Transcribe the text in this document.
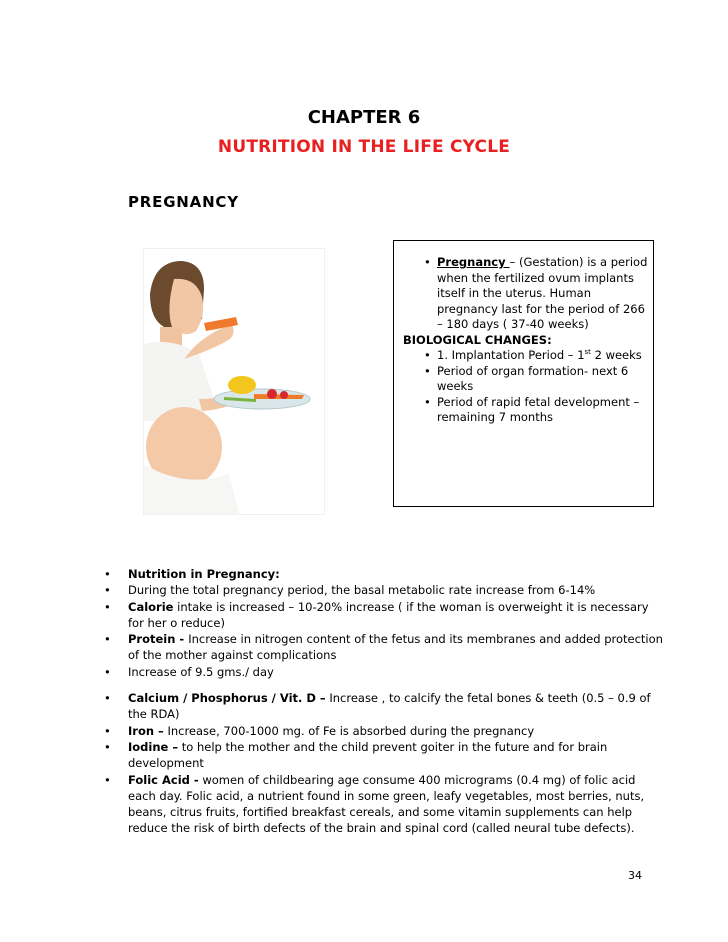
CHAPTER 6
NUTRITION IN THE LIFE CYCLE
PREGNANCY
• Pregnancy – (Gestation) is a period when the fertilized ovum implants itself in the uterus. Human pregnancy last for the period of 266 – 180 days ( 37-40 weeks)
BIOLOGICAL CHANGES:
• 1. Implantation Period – 1st 2 weeks
• Period of organ formation- next 6 weeks
• Period of rapid fetal development – remaining 7 months
• Nutrition in Pregnancy:
• During the total pregnancy period, the basal metabolic rate increase from 6-14%
• Calorie intake is increased – 10-20% increase ( if the woman is overweight it is necessary for her o reduce)
• Protein - Increase in nitrogen content of the fetus and its membranes and added protection of the mother against complications
• Increase of 9.5 gms./ day
• Calcium / Phosphorus / Vit. D – Increase , to calcify the fetal bones & teeth (0.5 – 0.9 of the RDA)
• Iron – Increase, 700-1000 mg. of Fe is absorbed during the pregnancy
• Iodine – to help the mother and the child prevent goiter in the future and for brain development
• Folic Acid - women of childbearing age consume 400 micrograms (0.4 mg) of folic acid each day. Folic acid, a nutrient found in some green, leafy vegetables, most berries, nuts, beans, citrus fruits, fortified breakfast cereals, and some vitamin supplements can help reduce the risk of birth defects of the brain and spinal cord (called neural tube defects).
34
